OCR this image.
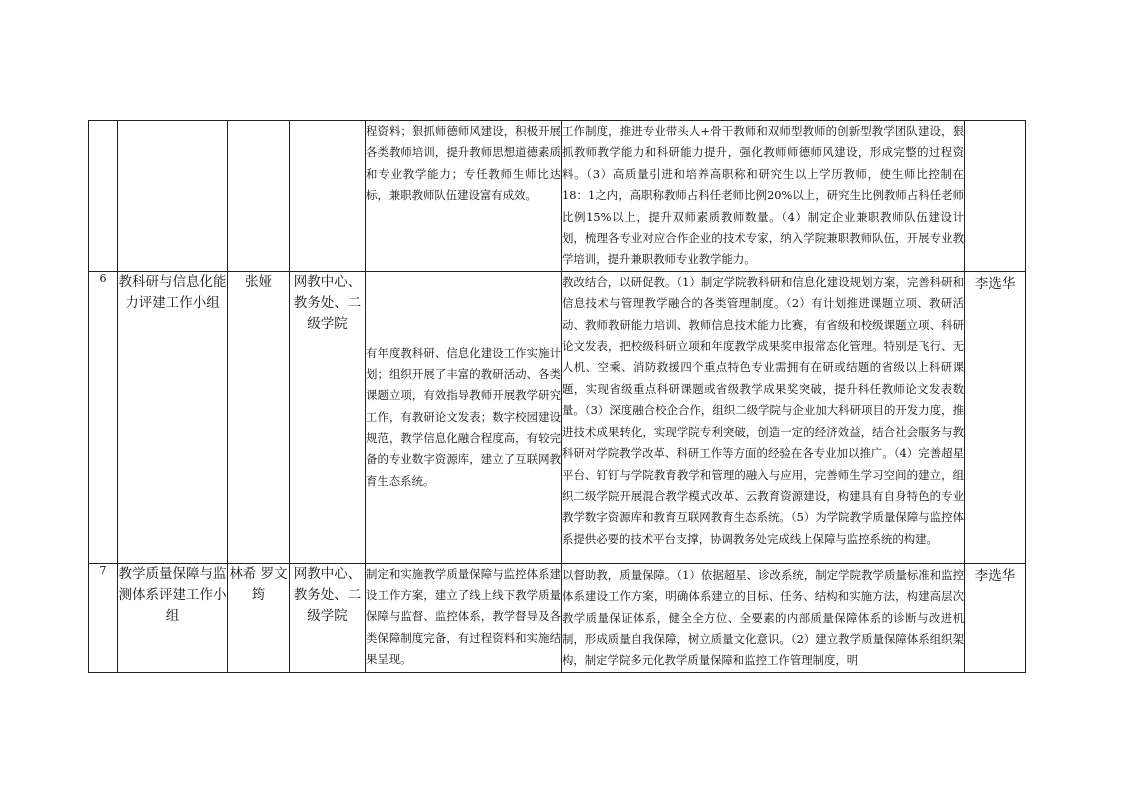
				程资料；狠抓师德师风建设，积极开展各类教师培训，提升教师思想道德素质和专业教学能力；专任教师生师比达标，兼职教师队伍建设富有成效。	工作制度，推进专业带头人+骨干教师和双师型教师的创新型教学团队建设，狠抓教师教学能力和科研能力提升，强化教师师德师风建设，形成完整的过程资料。（3）高质量引进和培养高职称和研究生以上学历教师，使生师比控制在18：1之内，高职称教师占科任老师比例20%以上，研究生比例教师占科任老师比例15%以上，提升双师素质教师数量。（4）制定企业兼职教师队伍建设计划，梳理各专业对应合作企业的技术专家，纳入学院兼职教师队伍，开展专业教学培训，提升兼职教师专业教学能力。	
6	教科研与信息化能力评建工作小组	张娅	网教中心、教务处、二级学院	有年度教科研、信息化建设工作实施计划；组织开展了丰富的教研活动、各类课题立项，有效指导教师开展教学研究工作，有教研论文发表；数字校园建设规范，教学信息化融合程度高，有较完备的专业数字资源库，建立了互联网教育生态系统。	教改结合，以研促教。（1）制定学院教科研和信息化建设规划方案，完善科研和信息技术与管理教学融合的各类管理制度。（2）有计划推进课题立项、教研活动、教师教研能力培训、教师信息技术能力比赛，有省级和校级课题立项、科研论文发表，把校级科研立项和年度教学成果奖申报常态化管理。特别是飞行、无人机、空乘、消防救援四个重点特色专业需拥有在研或结题的省级以上科研课题，实现省级重点科研课题或省级教学成果奖突破，提升科任教师论文发表数量。（3）深度融合校企合作，组织二级学院与企业加大科研项目的开发力度，推进技术成果转化，实现学院专利突破，创造一定的经济效益，结合社会服务与教科研对学院教学改革、科研工作等方面的经验在各专业加以推广。（4）完善超星平台、钉钉与学院教育教学和管理的融入与应用，完善师生学习空间的建立，组织二级学院开展混合教学模式改革、云教育资源建设，构建具有自身特色的专业教学数字资源库和教育互联网教育生态系统。（5）为学院教学质量保障与监控体系提供必要的技术平台支撑，协调教务处完成线上保障与监控系统的构建。	李选华
7	教学质量保障与监测体系评建工作小组	林希 罗文筠	网教中心、教务处、二级学院	制定和实施教学质量保障与监控体系建设工作方案，建立了线上线下教学质量保障与监督、监控体系，教学督导及各类保障制度完备，有过程资料和实施结果呈现。	以督助教，质量保障。（1）依据超星、诊改系统，制定学院教学质量标准和监控体系建设工作方案，明确体系建立的目标、任务、结构和实施方法，构建高层次教学质量保证体系，健全全方位、全要素的内部质量保障体系的诊断与改进机制，形成质量自我保障，树立质量文化意识。（2）建立教学质量保障体系组织架构，制定学院多元化教学质量保障和监控工作管理制度，明	李选华
